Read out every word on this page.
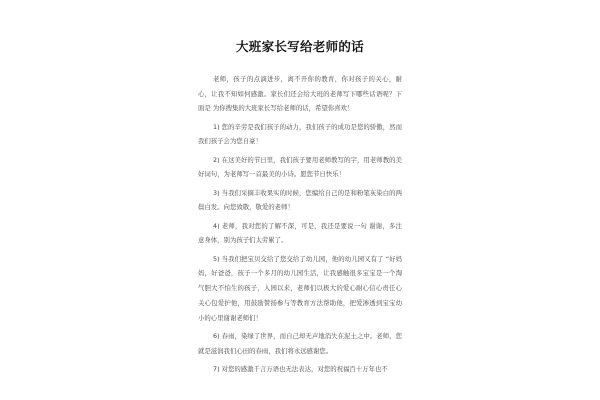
大班家长写给老师的话

老师，孩子的点滴进步，离不开你的教育，你对孩子的关心，耐心，让我不知如何感激。家长们还会给大班的老师写下哪些话语呢？下面是 为你搜集的大班家长写给老师的话，希望你喜欢！

1) 您的辛劳是我们孩子的动力，我们孩子的成功是您的骄傲，然而我们孩子会为您自豪！

2) 在这美好的节日里，我们孩子要用老师教写的字，用老师教的美好词句，为老师写一首最美的小诗。愿您节日快乐！

3) 当我们采摘丰收果实的时候，您编给自己的是和粉笔灰染白的两鬓白发。向您致敬，敬爱的老师！

4) 老师，我对您的了解不深，可是，我还是要说一句 谢谢，多注意身体，别为孩子们太劳累了。

5) 当我们把宝贝交给了您交给了幼儿园，他的幼儿园又有了 “好妈妈，好爸爸，孩子一个多月的幼儿园生活，让我感触很多宝宝是一个淘气胆大不怕生的孩子，入园以来，老师们以极大的爱心耐心信心责任心关心包爱护他，用鼓励赞扬参与等教育方法帮助他，把爱渗透到宝宝幼小的心里谢谢老师们！

6) 春雨，染绿了世界，而自己却无声地消失在泥土之中。老师，您就是滋润我们心田的春雨，我们将永远感谢您。

7) 对您的感激千言万语也无法表达，对您的祝福百十万年也不
